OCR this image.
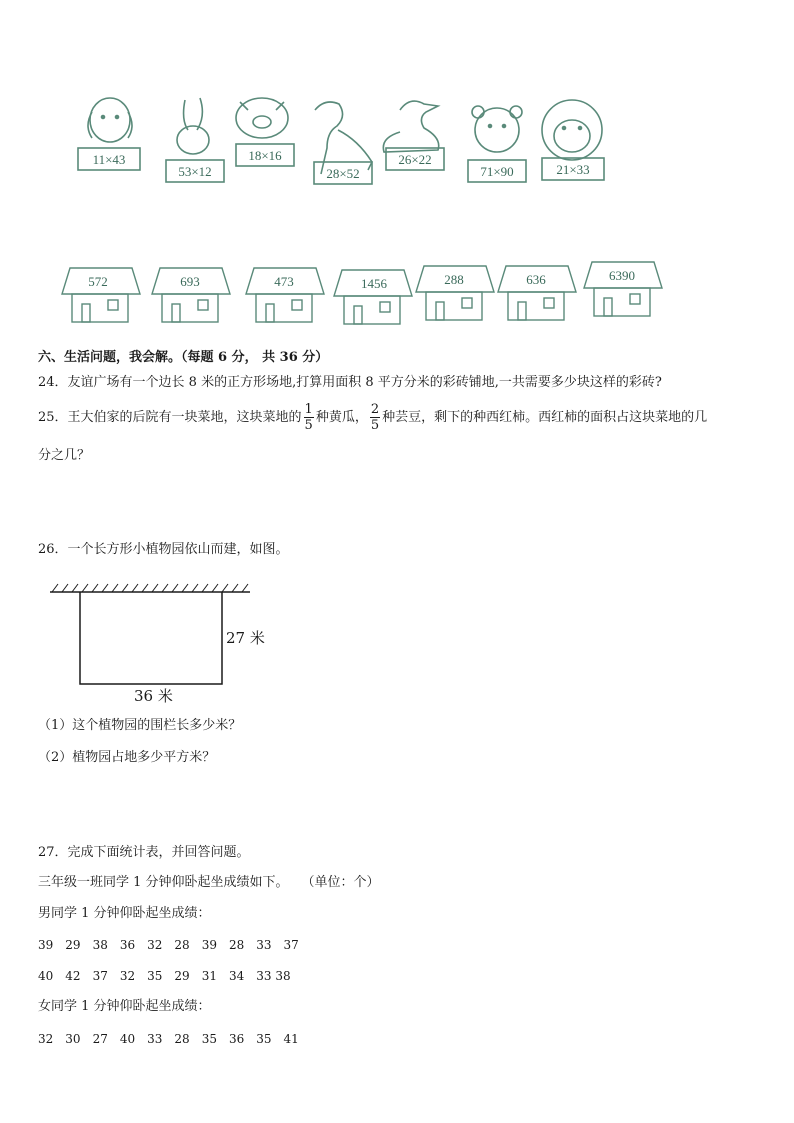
11×43
53×12
18×16
28×52
26×22
71×90	21×33
572	693	473	1456	288	636	6390
六、生活问题，我会解。（每题 6 分， 共 36 分）
24．友谊广场有一个边长 8 米的正方形场地,打算用面积 8 平方分米的彩砖铺地,一共需要多少块这样的彩砖?
25．王大伯家的后院有一块菜地，这块菜地的 $\frac{1}{5}$ 种黄瓜， $\frac{2}{5}$ 种芸豆，剩下的种西红柿。西红柿的面积占这块菜地的几
分之几？
26．一个长方形小植物园依山而建，如图。
27 米
36 米
（1）这个植物园的围栏长多少米？
（2）植物园占地多少平方米？
27．完成下面统计表，并回答问题。
三年级一班同学 1 分钟仰卧起坐成绩如下。　　（单位：个）
男同学 1 分钟仰卧起坐成绩：
39 29 38 36 32 28 39 28 33 37
40 42 37 32 35 29 31 34 33 38
女同学 1 分钟仰卧起坐成绩：
32 30 27 40 33 28 35 36 35 41
